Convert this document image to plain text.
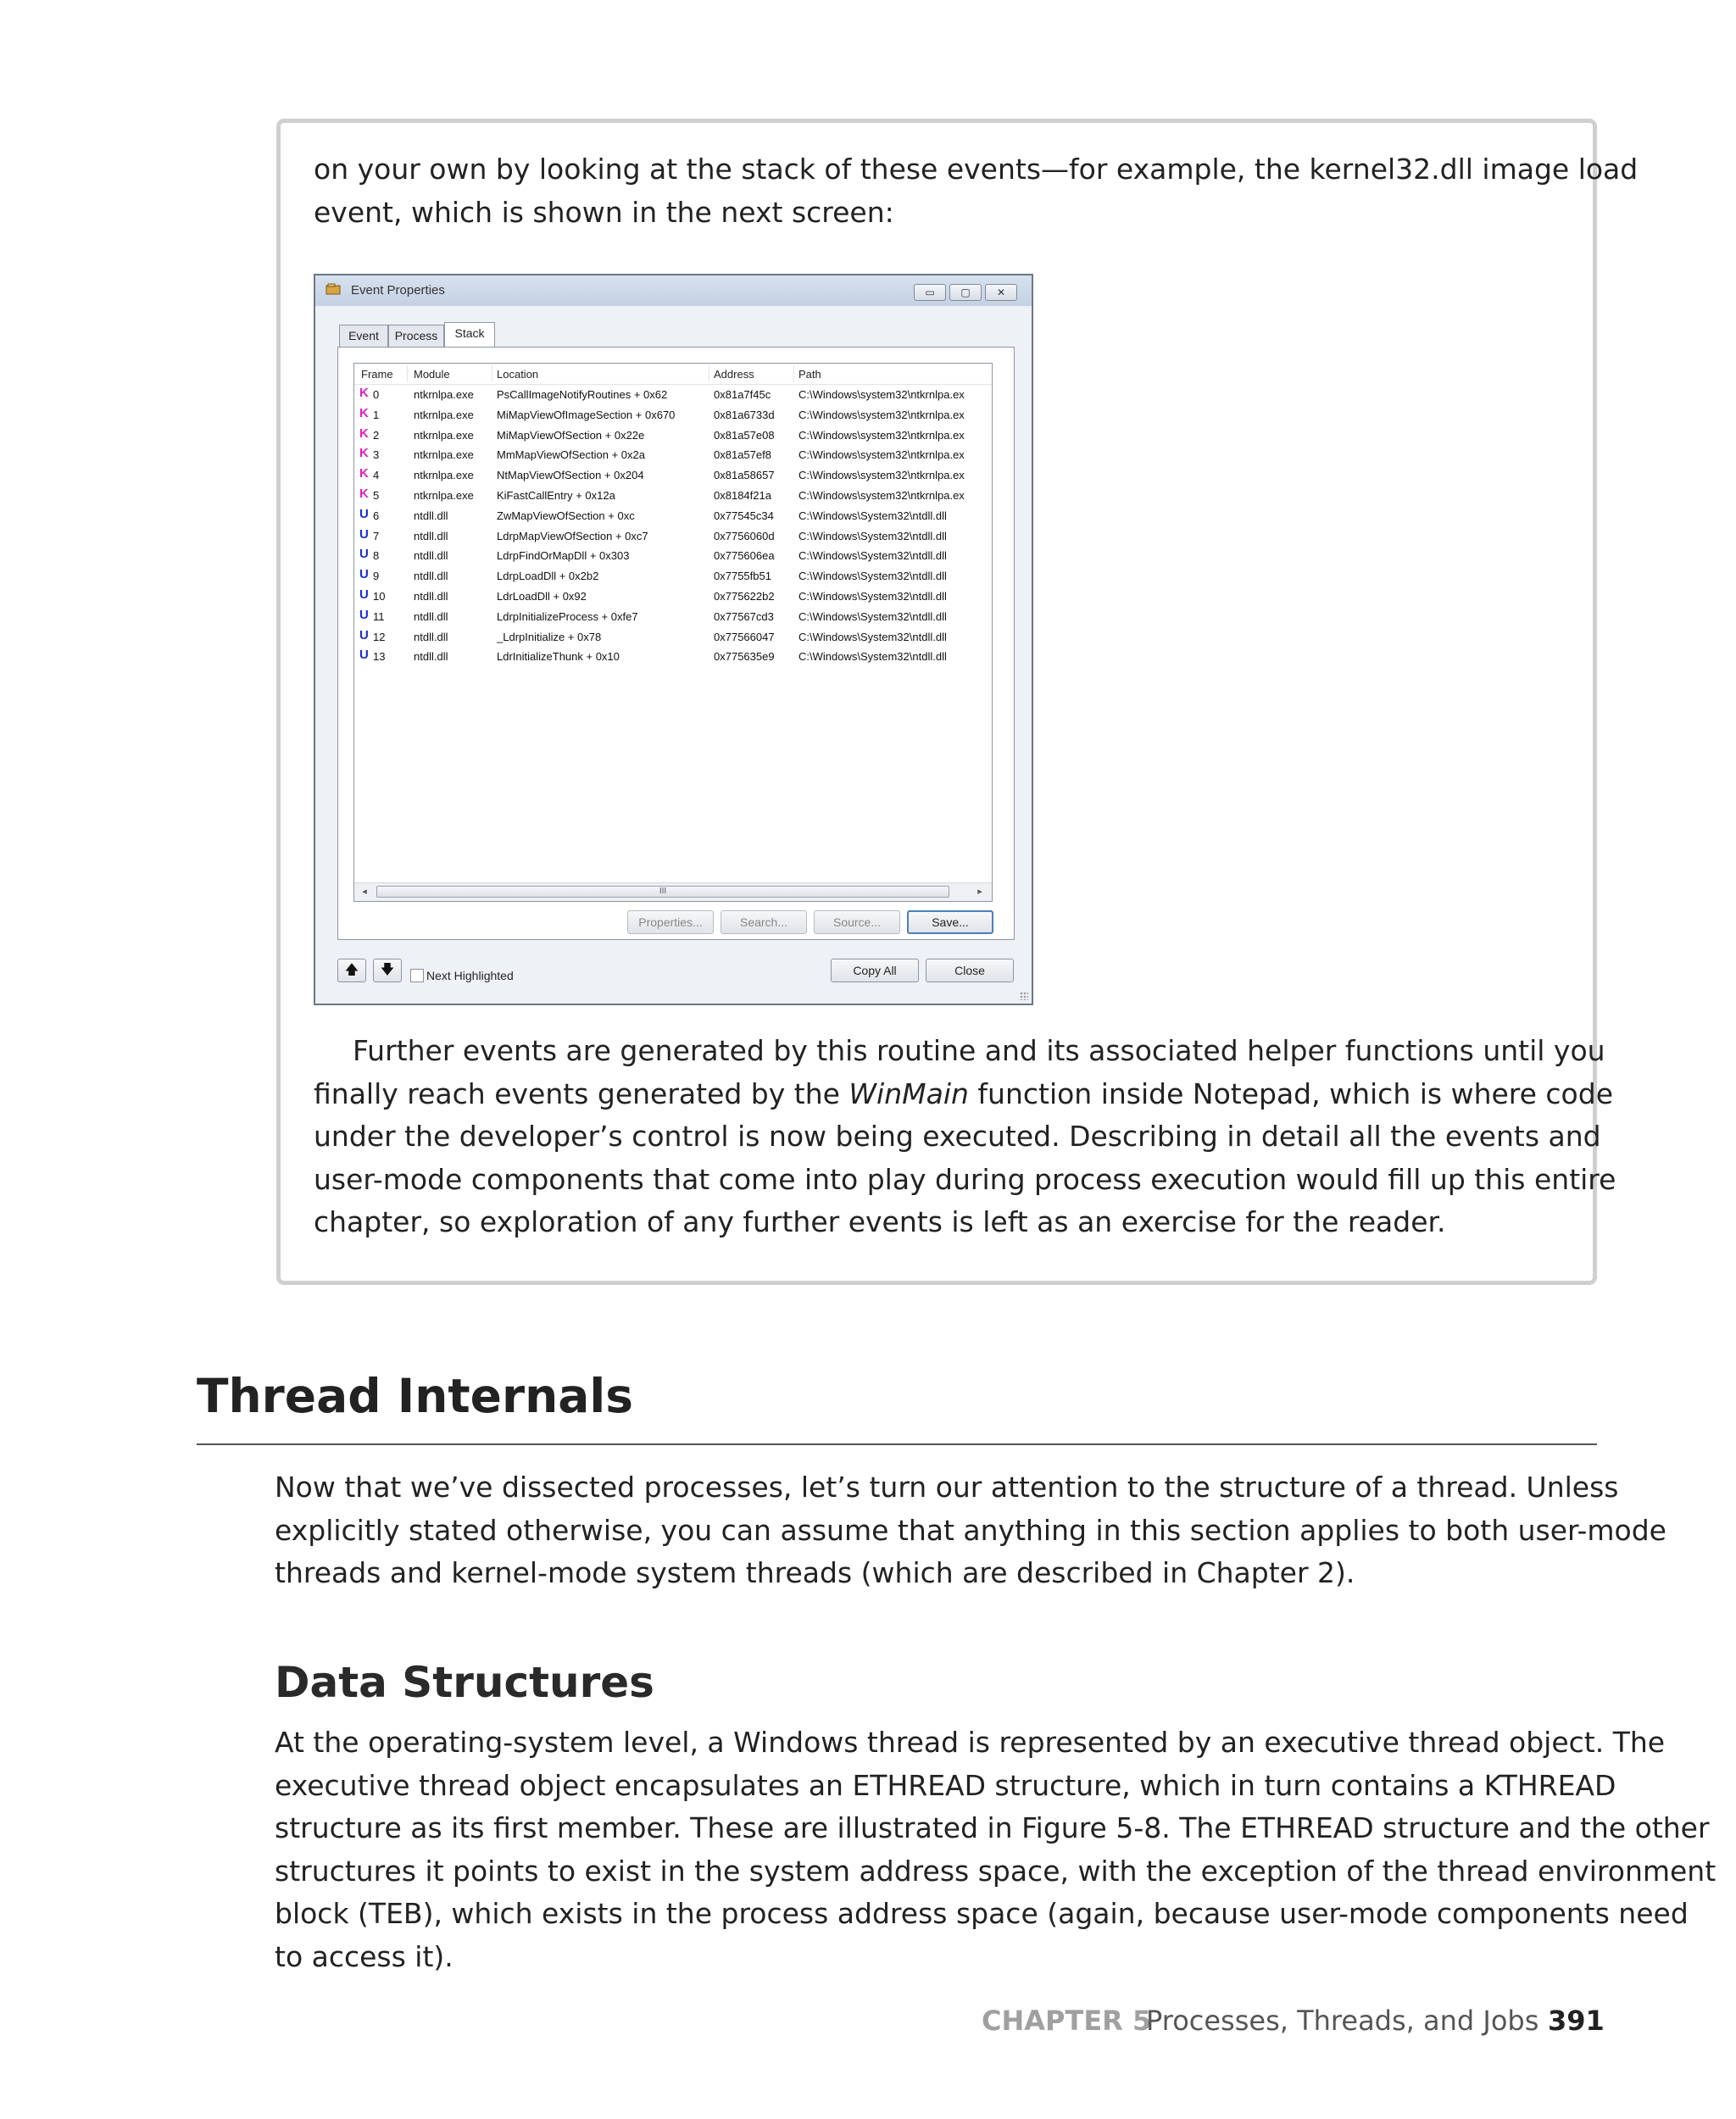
on your own by looking at the stack of these events—for example, the kernel32.dll image load
event, which is shown in the next screen:

Event Properties	▭	▢	✕
Event	Process	Stack
Frame Module	Location	Address	Path
K 0	ntkrnlpa.exe PsCallImageNotifyRoutines + 0x62	0x81a7f45c	C:\Windows\system32\ntkrnlpa.ex
K 1	ntkrnlpa.exe MiMapViewOfImageSection + 0x670	0x81a6733d C:\Windows\system32\ntkrnlpa.ex
K 2	ntkrnlpa.exe MiMapViewOfSection + 0x22e	0x81a57e08 C:\Windows\system32\ntkrnlpa.ex
K 3	ntkrnlpa.exe MmMapViewOfSection + 0x2a	0x81a57ef8 C:\Windows\system32\ntkrnlpa.ex
K 4	ntkrnlpa.exe NtMapViewOfSection + 0x204	0x81a58657 C:\Windows\system32\ntkrnlpa.ex
K 5	ntkrnlpa.exe KiFastCallEntry + 0x12a	0x8184f21a C:\Windows\system32\ntkrnlpa.ex
U 6	ntdll.dll	ZwMapViewOfSection + 0xc	0x77545c34 C:\Windows\System32\ntdll.dll
U 7	ntdll.dll	LdrpMapViewOfSection + 0xc7	0x7756060d C:\Windows\System32\ntdll.dll
U 8	ntdll.dll	LdrpFindOrMapDll + 0x303	0x775606ea C:\Windows\System32\ntdll.dll
U 9	ntdll.dll	LdrpLoadDll + 0x2b2	0x7755fb51 C:\Windows\System32\ntdll.dll
U 10	ntdll.dll	LdrLoadDll + 0x92	0x775622b2 C:\Windows\System32\ntdll.dll
U 11	ntdll.dll	LdrpInitializeProcess + 0xfe7	0x77567cd3 C:\Windows\System32\ntdll.dll
U 12	ntdll.dll	_LdrpInitialize + 0x78	0x77566047 C:\Windows\System32\ntdll.dll
U 13	ntdll.dll	LdrInitializeThunk + 0x10	0x775635e9 C:\Windows\System32\ntdll.dll
◂	III	▸
Properties...	Search...	Source...	Save...
🡅	🡇	Next Highlighted	Copy All	Close

Further events are generated by this routine and its associated helper functions until you
finally reach events generated by the WinMain function inside Notepad, which is where code
under the developer’s control is now being executed. Describing in detail all the events and
user-mode components that come into play during process execution would fill up this entire
chapter, so exploration of any further events is left as an exercise for the reader.

Thread Internals

Now that we’ve dissected processes, let’s turn our attention to the structure of a thread. Unless
explicitly stated otherwise, you can assume that anything in this section applies to both user-mode
threads and kernel-mode system threads (which are described in Chapter 2).

Data Structures

At the operating-system level, a Windows thread is represented by an executive thread object. The
executive thread object encapsulates an ETHREAD structure, which in turn contains a KTHREAD
structure as its first member. These are illustrated in Figure 5-8. The ETHREAD structure and the other
structures it points to exist in the system address space, with the exception of the thread environment
block (TEB), which exists in the process address space (again, because user-mode components need
to access it).

CHAPTER 5
Processes, Threads, and Jobs 391
